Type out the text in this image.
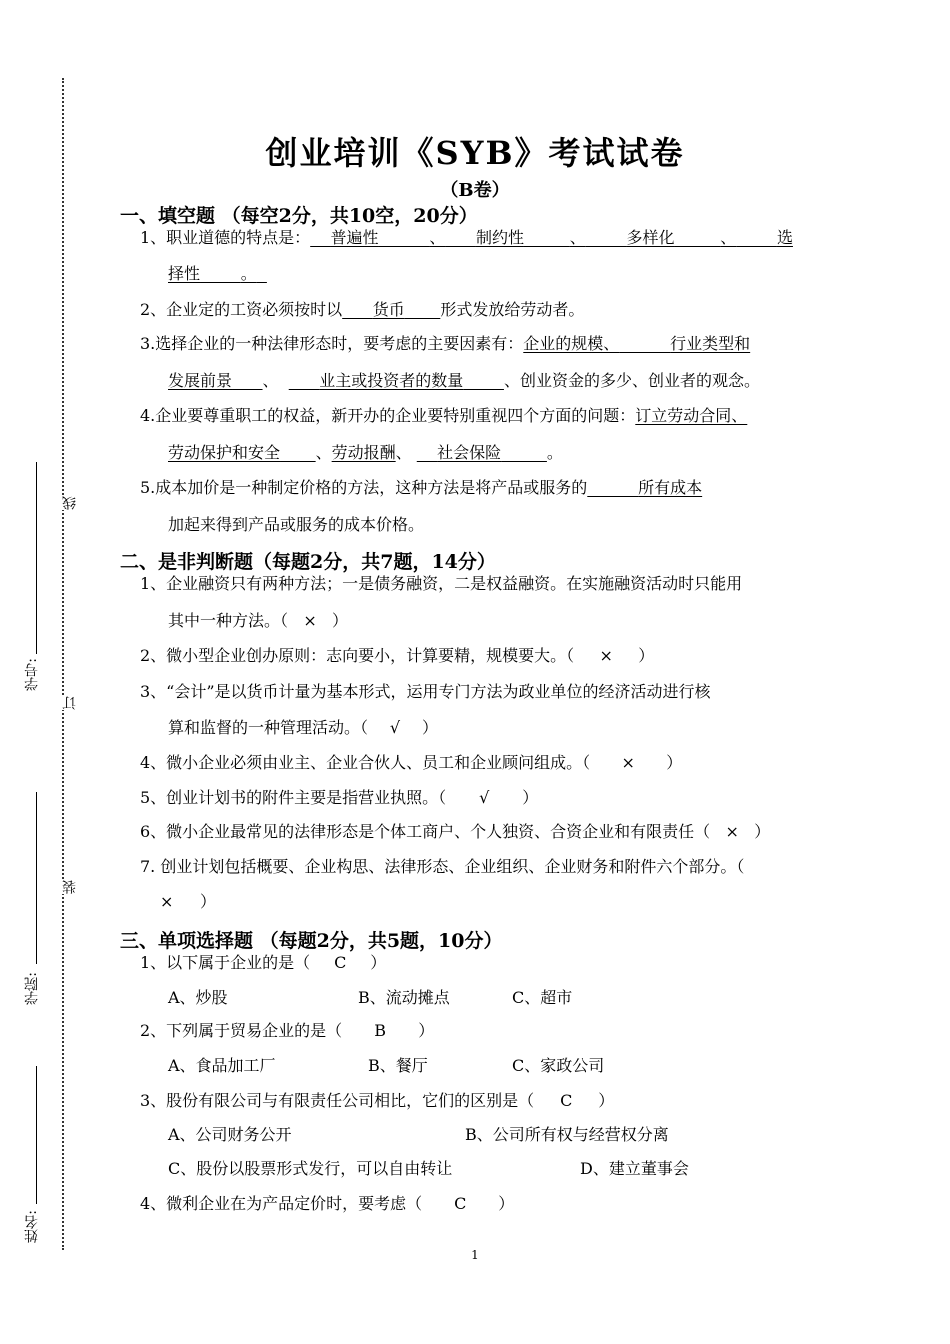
学号:
学院:
姓名:
线
订
装
创业培训《SYB》考试试卷
（B卷）
一、填空题 （每空2分，共10空，20分）
1、职业道德的特点是： 普遍性	、 制约性	、	多样化	、	选
择性	。
2、企业定的工资必须按时以 货币 形式发放给劳动者。
3.选择企业的一种法律形态时，要考虑的主要因素有：企业的规模、	行业类型和
发展前景 、	业主或投资者的数量	、创业资金的多少、创业者的观念。
4.企业要尊重职工的权益，新开办的企业要特别重视四个方面的问题：订立劳动合同、
劳动保护和安全 、劳动报酬、 社会保险	。
5.成本加价是一种制定价格的方法，这种方法是将产品或服务的	所有成本
加起来得到产品或服务的成本价格。
二、是非判断题（每题2分，共7题，14分）
1、企业融资只有两种方法；一是债务融资，二是权益融资。在实施融资活动时只能用
其中一种方法。（ × ）
2、微小型企业创办原则：志向要小，计算要精，规模要大。（ × ）
3、“会计”是以货币计量为基本形式，运用专门方法为政业单位的经济活动进行核
算和监督的一种管理活动。（ √ ）
4、微小企业必须由业主、企业合伙人、员工和企业顾问组成。（ × ）
5、创业计划书的附件主要是指营业执照。（ √ ）
6、微小企业最常见的法律形态是个体工商户、个人独资、合资企业和有限责任（ × ）
7. 创业计划包括概要、企业构思、法律形态、企业组织、企业财务和附件六个部分。（
× ）
三、单项选择题 （每题2分，共5题，10分）
1、以下属于企业的是（ C ）
A、炒股	B、流动摊点	C、超市
2、下列属于贸易企业的是（ B ）
A、食品加工厂	B、餐厅	C、家政公司
3、股份有限公司与有限责任公司相比，它们的区别是（ C ）
A、公司财务公开	B、公司所有权与经营权分离
C、股份以股票形式发行，可以自由转让	D、建立董事会
4、微利企业在为产品定价时，要考虑（ C ）
1
